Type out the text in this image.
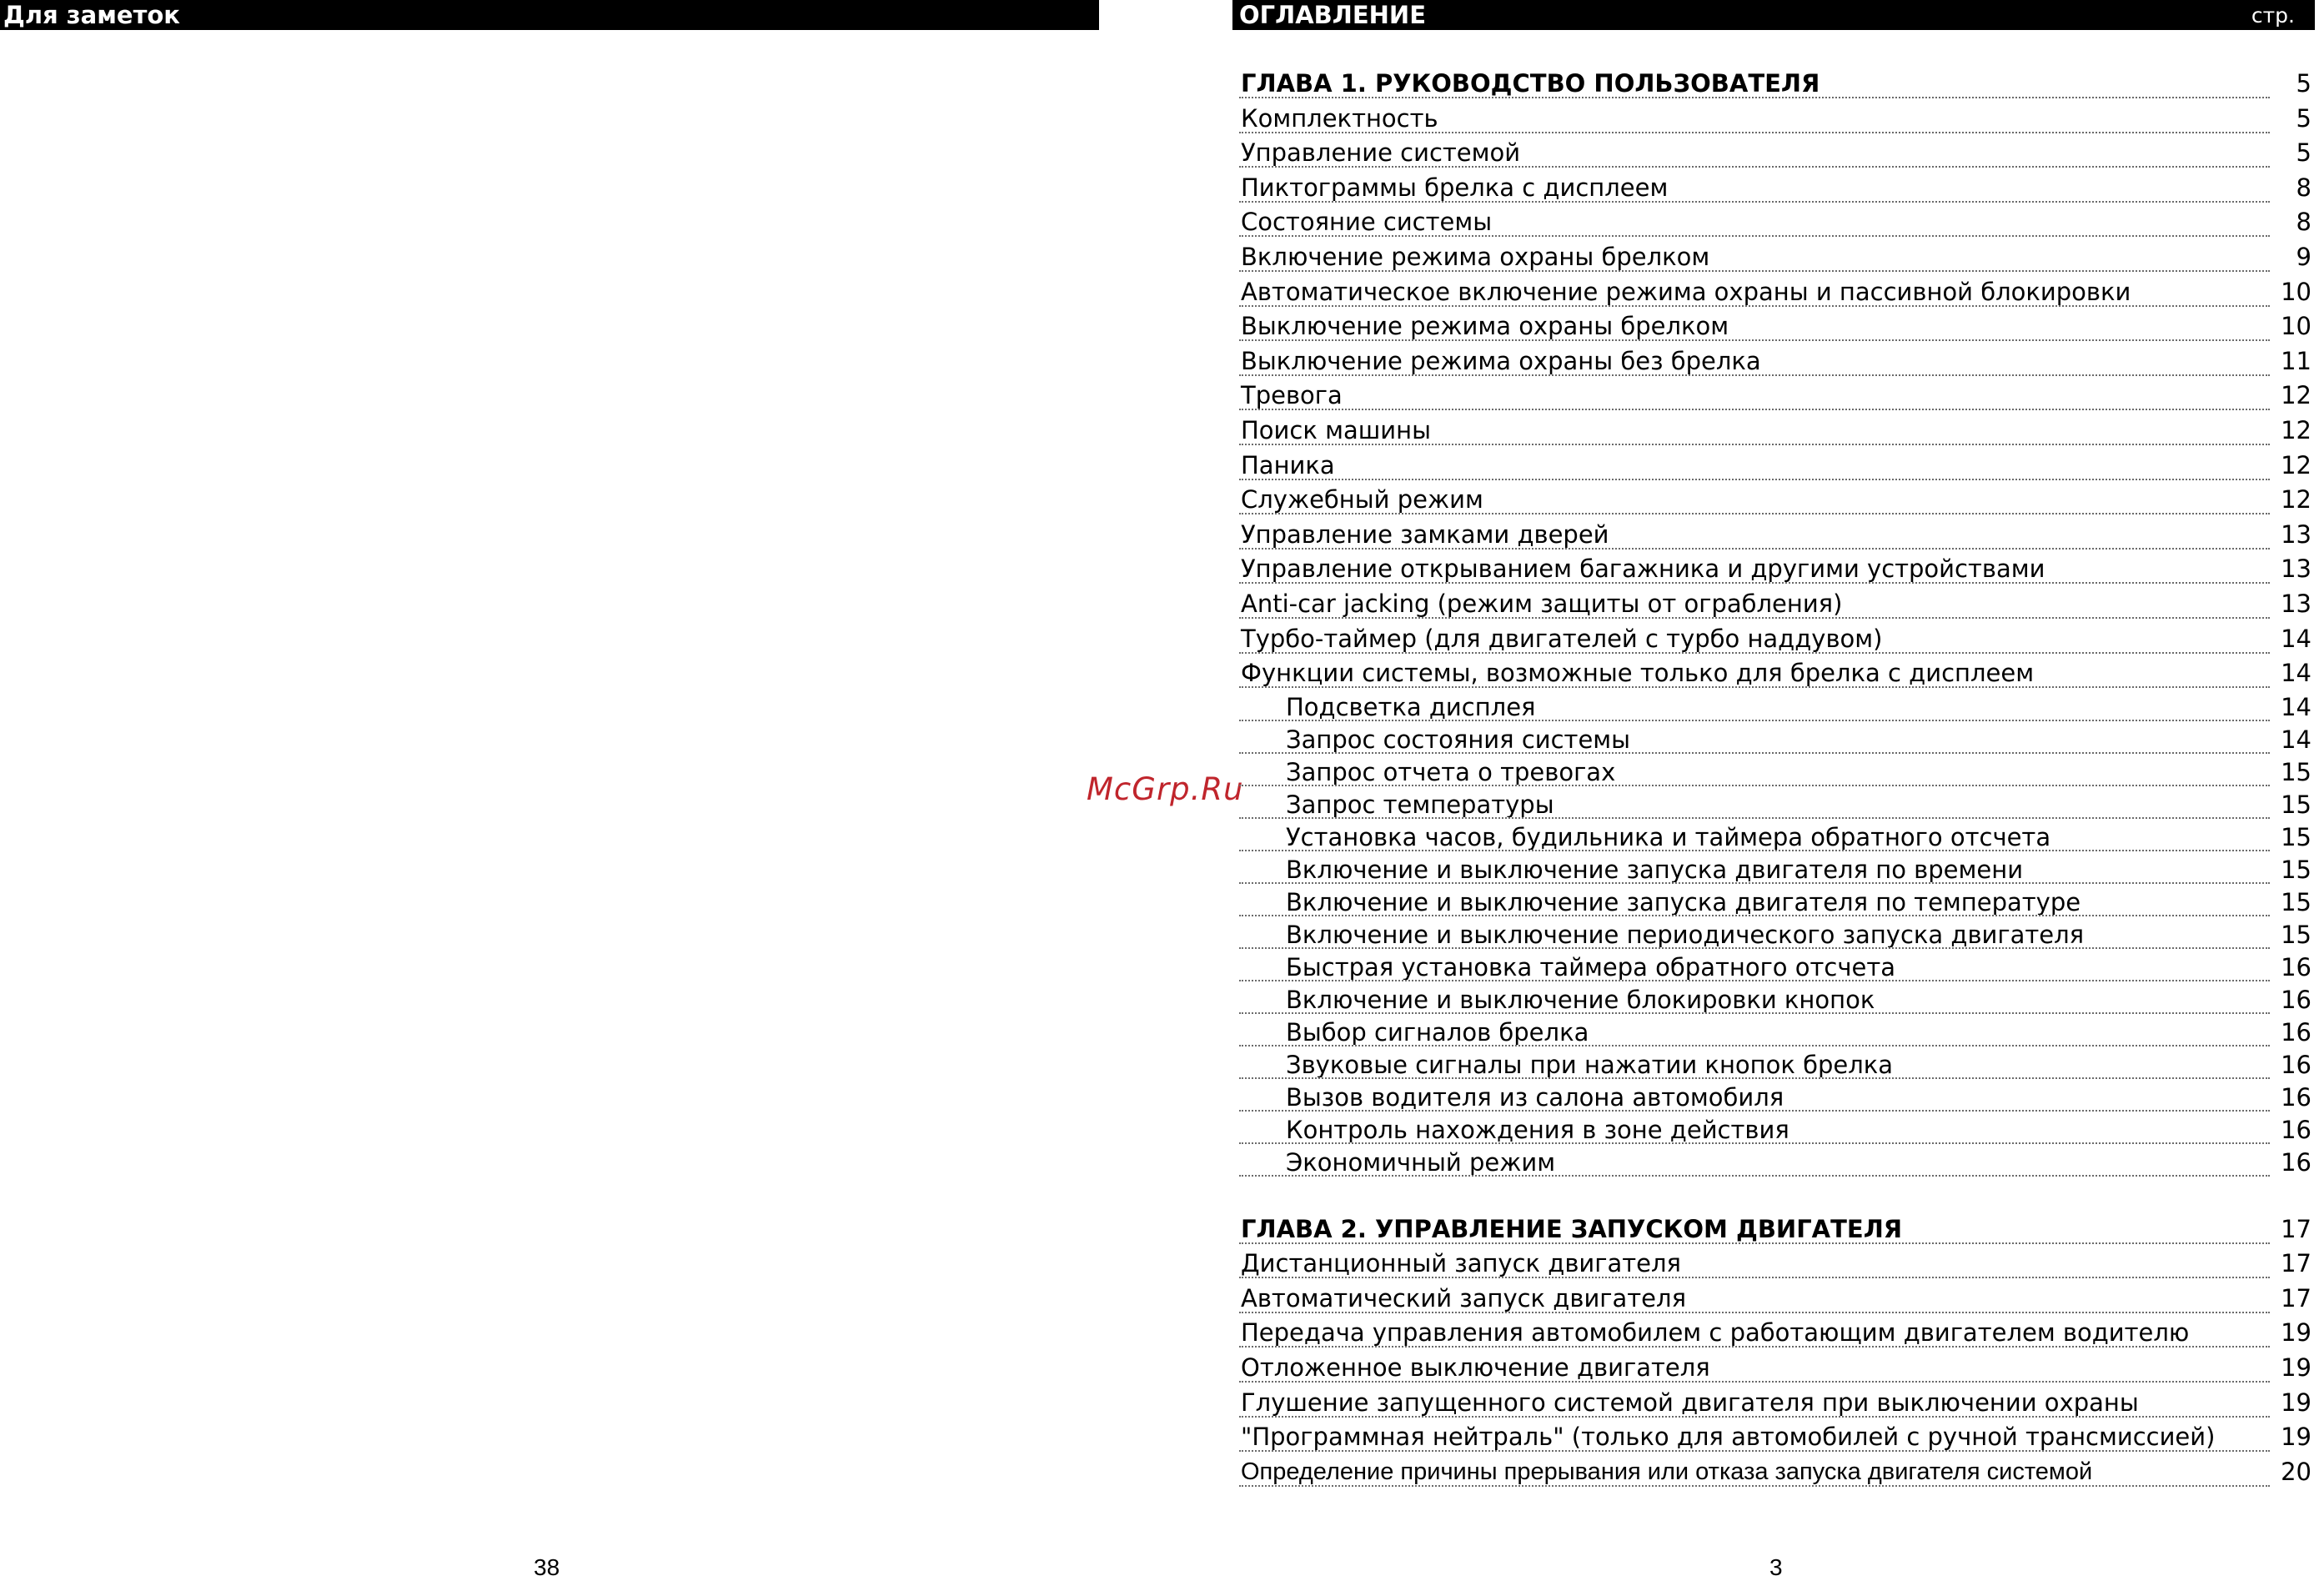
Для заметок
38
McGrp.Ru
ОГЛАВЛЕНИЕ	стр.
ГЛАВА 1. РУКОВОДСТВО ПОЛЬЗОВАТЕЛЯ	5
Комплектность	5
Управление системой	5
Пиктограммы брелка с дисплеем	8
Состояние системы	8
Включение режима охраны брелком	9
Автоматическое включение режима охраны и пассивной блокировки	10
Выключение режима охраны брелком	10
Выключение режима охраны без брелка	11
Тревога	12
Поиск машины	12
Паника	12
Служебный режим	12
Управление замками дверей	13
Управление открыванием багажника и другими устройствами	13
Anti-car jacking (режим защиты от ограбления)	13
Турбо-таймер (для двигателей с турбо наддувом)	14
Функции системы, возможные только для брелка с дисплеем	14
Подсветка дисплея	14
Запрос состояния системы	14
Запрос отчета о тревогах	15
Запрос температуры	15
Установка часов, будильника и таймера обратного отсчета	15
Включение и выключение запуска двигателя по времени	15
Включение и выключение запуска двигателя по температуре	15
Включение и выключение периодического запуска двигателя	15
Быстрая установка таймера обратного отсчета	16
Включение и выключение блокировки кнопок	16
Выбор сигналов брелка	16
Звуковые сигналы при нажатии кнопок брелка	16
Вызов водителя из салона автомобиля	16
Контроль нахождения в зоне действия	16
Экономичный режим	16
ГЛАВА 2. УПРАВЛЕНИЕ ЗАПУСКОМ ДВИГАТЕЛЯ	17
Дистанционный запуск двигателя	17
Автоматический запуск двигателя	17
Передача управления автомобилем с работающим двигателем водителю	19
Отложенное выключение двигателя	19
Глушение запущенного системой двигателя при выключении охраны	19
"Программная нейтраль" (только для автомобилей с ручной трансмиссией)	19
Определение причины прерывания или отказа запуска двигателя системой	20
3
